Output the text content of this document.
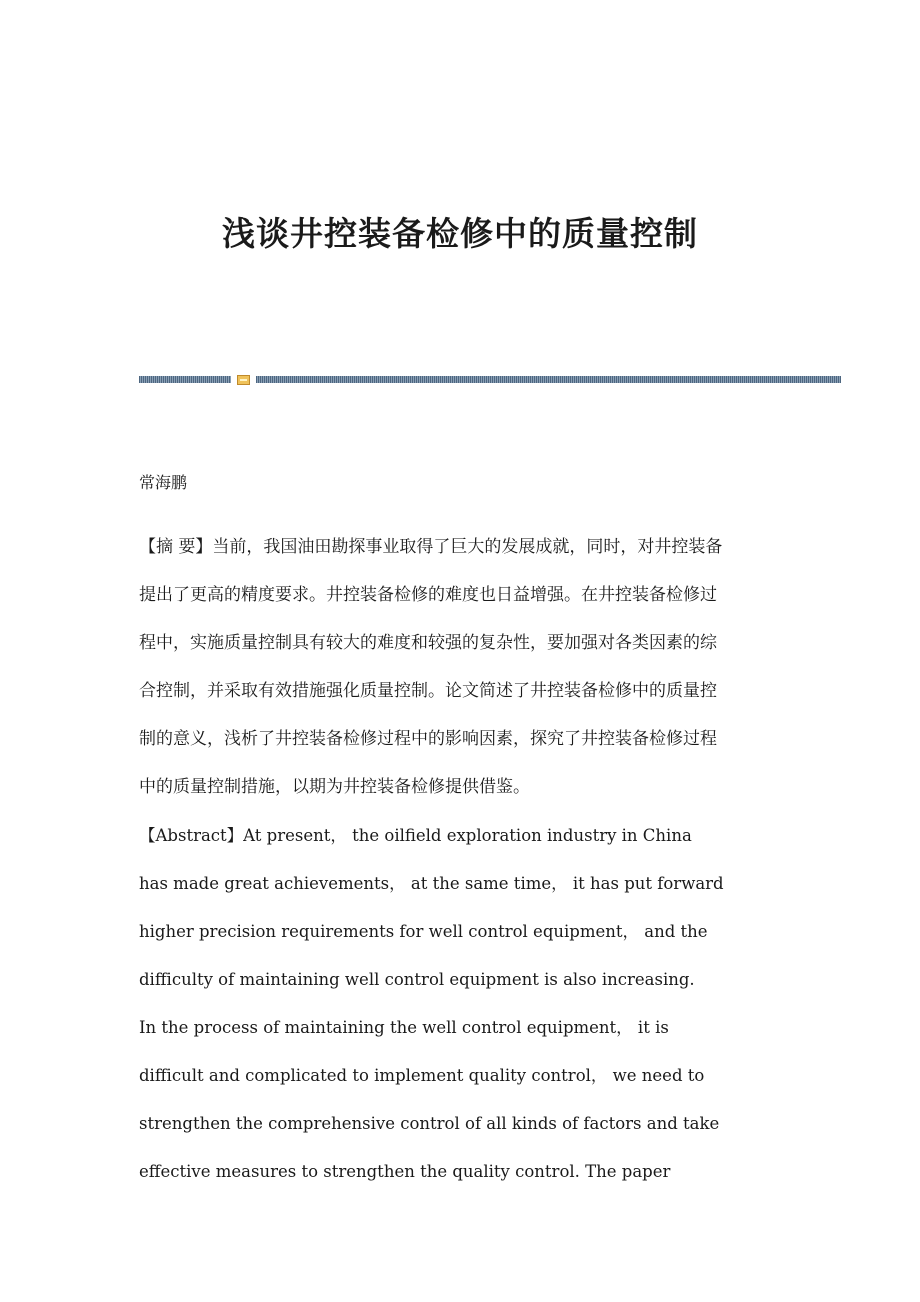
浅谈井控装备检修中的质量控制

常海鹏

【摘 要】当前，我国油田勘探事业取得了巨大的发展成就，同时，对井控装备
提出了更高的精度要求。井控装备检修的难度也日益增强。在井控装备检修过
程中，实施质量控制具有较大的难度和较强的复杂性，要加强对各类因素的综
合控制，并采取有效措施强化质量控制。论文简述了井控装备检修中的质量控
制的意义，浅析了井控装备检修过程中的影响因素，探究了井控装备检修过程
中的质量控制措施，以期为井控装备检修提供借鉴。
【Abstract】At present， the oilfield exploration industry in China
has made great achievements， at the same time， it has put forward
higher precision requirements for well control equipment， and the
difficulty of maintaining well control equipment is also increasing.
In the process of maintaining the well control equipment， it is
difficult and complicated to implement quality control， we need to
strengthen the comprehensive control of all kinds of factors and take
effective measures to strengthen the quality control. The paper
